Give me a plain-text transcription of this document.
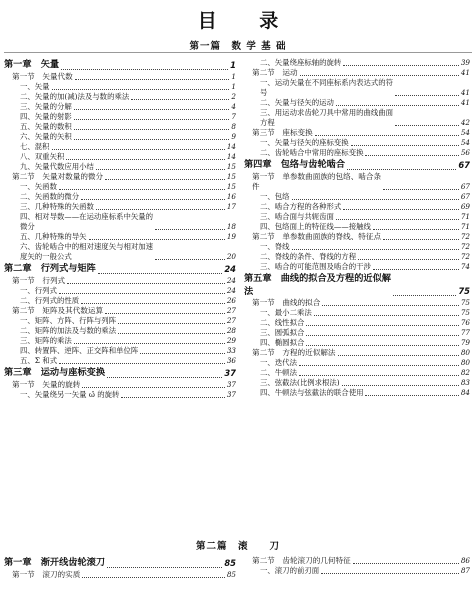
目 录
第一篇　数 学 基 础
第一章　矢量	1
第一节　矢量代数	1
一、矢量	1
二、矢量的加(减)法及与数的乘法	2
三、矢量的分解	4
四、矢量的射影	7
五、矢量的数积	8
六、矢量的矢积	9
七、混积	14
八、双重矢积	14
九、矢量代数应用小结	15
第二节　矢量对数量的微分	15
一、矢函数	15
二、矢函数的微分	16
三、几种特殊的矢函数	17
四、相对导数——在运动座标系中矢量的
微分	18
五、几种特殊的导矢	19
六、齿轮啮合中的相对速度矢与相对加速
度矢的一般公式	20
第二章　行列式与矩阵	24
第一节　行列式	24
一、行列式	24
二、行列式的性质	26
第二节　矩阵及其代数运算	27
一、矩阵、方阵、行阵与列阵	27
二、矩阵的加法及与数的乘法	28
三、矩阵的乘法	29
四、转置阵、逆阵、正交阵和单位阵	33
五、Σ 和式	36
第三章　运动与座标变换	37
第一节　矢量的旋转	37
一、矢量绕另一矢量 ω̂ 的旋转	37
二、矢量绕座标轴的旋转	39
第二节　运动	41
一、运动矢量在不同座标系内表达式的符
号	41
二、矢量与径矢的运动	41
三、用运动求齿轮刀具中常用的曲线曲面
方程	42
第三节　座标变换	54
一、矢量与径矢的座标变换	54
二、齿轮啮合中常用的座标变换	56
第四章　包络与齿轮啮合	67
第一节　单参数曲面族的包络、啮合条
件	67
一、包络	67
二、啮合方程的各种形式	69
三、啮合面与共轭齿面	71
四、包络面上的特征线——接触线	71
第二节　单参数曲面族的脊线、特征点	72
一、脊线	72
二、脊线的条件、脊线的方程	72
三、啮合的可能范围及啮合的干涉	74
第五章　曲线的拟合及方程的近似解
法	75
第一节　曲线的拟合	75
一、最小二乘法	75
二、线性拟合	76
三、圆弧拟合	77
四、椭圆拟合	79
第二节　方程的近似解法	80
一、迭代法	80
二、牛顿法	82
三、弦截法(比例求根法)	83
四、牛顿法与弦截法的联合使用	84
第二篇　滚　　刀
第一章　渐开线齿轮滚刀	85
第一节　滚刀的实质	85
第二节　齿轮滚刀的几何特征	86
一、滚刀的前刃面	87
